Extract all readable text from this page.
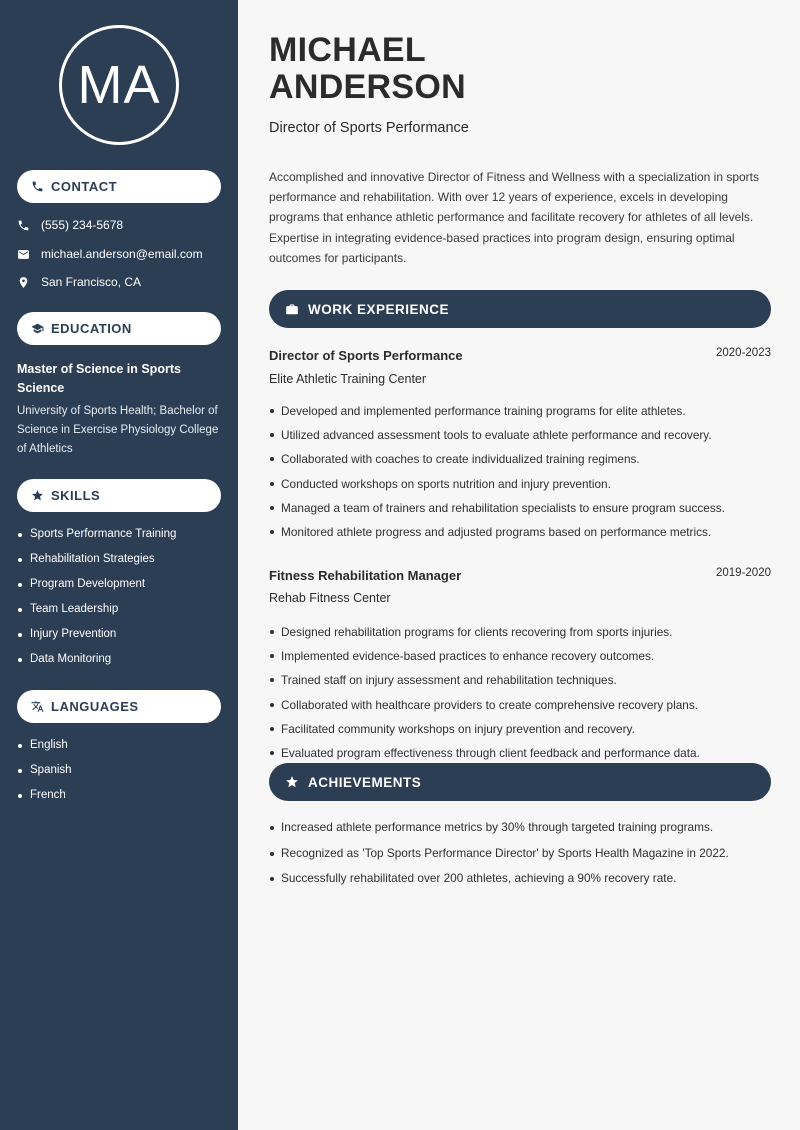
MA
CONTACT
(555) 234-5678
michael.anderson@email.com
San Francisco, CA
EDUCATION
Master of Science in Sports Science
University of Sports Health; Bachelor of Science in Exercise Physiology College of Athletics
SKILLS
Sports Performance Training
Rehabilitation Strategies
Program Development
Team Leadership
Injury Prevention
Data Monitoring
LANGUAGES
English
Spanish
French
MICHAEL
ANDERSON
Director of Sports Performance
Accomplished and innovative Director of Fitness and Wellness with a specialization in sports performance and rehabilitation. With over 12 years of experience, excels in developing programs that enhance athletic performance and facilitate recovery for athletes of all levels. Expertise in integrating evidence-based practices into program design, ensuring optimal outcomes for participants.
WORK EXPERIENCE
Director of Sports Performance	2020-2023
Elite Athletic Training Center
Developed and implemented performance training programs for elite athletes.
Utilized advanced assessment tools to evaluate athlete performance and recovery.
Collaborated with coaches to create individualized training regimens.
Conducted workshops on sports nutrition and injury prevention.
Managed a team of trainers and rehabilitation specialists to ensure program success.
Monitored athlete progress and adjusted programs based on performance metrics.
Fitness Rehabilitation Manager	2019-2020
Rehab Fitness Center
Designed rehabilitation programs for clients recovering from sports injuries.
Implemented evidence-based practices to enhance recovery outcomes.
Trained staff on injury assessment and rehabilitation techniques.
Collaborated with healthcare providers to create comprehensive recovery plans.
Facilitated community workshops on injury prevention and recovery.
Evaluated program effectiveness through client feedback and performance data.
ACHIEVEMENTS
Increased athlete performance metrics by 30% through targeted training programs.
Recognized as 'Top Sports Performance Director' by Sports Health Magazine in 2022.
Successfully rehabilitated over 200 athletes, achieving a 90% recovery rate.
